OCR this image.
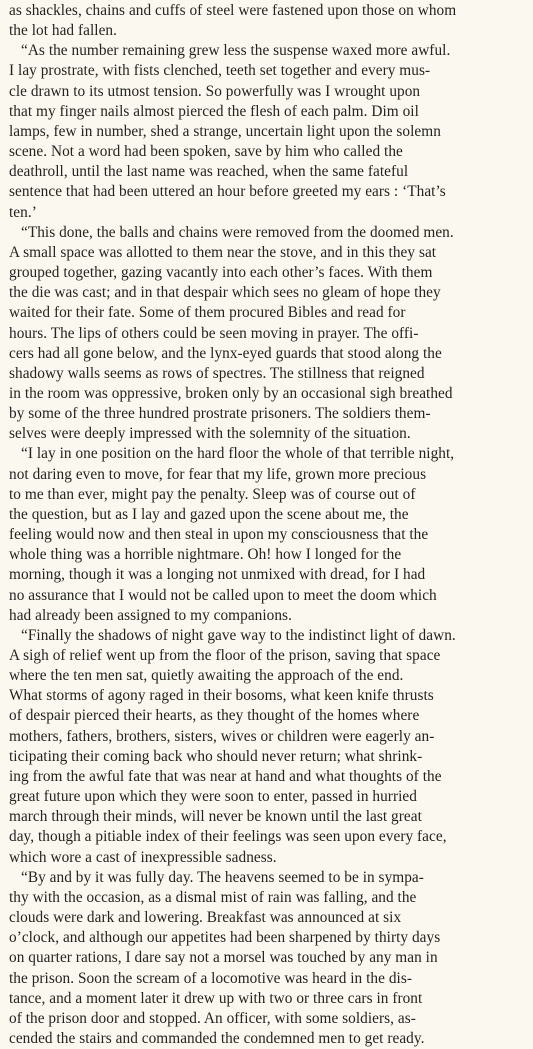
as shackles, chains and cuffs of steel were fastened upon those on whom
the lot had fallen.

“As the number remaining grew less the suspense waxed more awful.
I lay prostrate, with fists clenched, teeth set together and every mus-
cle drawn to its utmost tension. So powerfully was I wrought upon
that my finger nails almost pierced the flesh of each palm. Dim oil
lamps, few in number, shed a strange, uncertain light upon the solemn
scene. Not a word had been spoken, save by him who called the
deathroll, until the last name was reached, when the same fateful
sentence that had been uttered an hour before greeted my ears : ‘That’s
ten.’

“This done, the balls and chains were removed from the doomed men.
A small space was allotted to them near the stove, and in this they sat
grouped together, gazing vacantly into each other’s faces. With them
the die was cast; and in that despair which sees no gleam of hope they
waited for their fate. Some of them procured Bibles and read for
hours. The lips of others could be seen moving in prayer. The offi-
cers had all gone below, and the lynx-eyed guards that stood along the
shadowy walls seems as rows of spectres. The stillness that reigned
in the room was oppressive, broken only by an occasional sigh breathed
by some of the three hundred prostrate prisoners. The soldiers them-
selves were deeply impressed with the solemnity of the situation.

“I lay in one position on the hard floor the whole of that terrible night,
not daring even to move, for fear that my life, grown more precious
to me than ever, might pay the penalty. Sleep was of course out of
the question, but as I lay and gazed upon the scene about me, the
feeling would now and then steal in upon my consciousness that the
whole thing was a horrible nightmare. Oh! how I longed for the
morning, though it was a longing not unmixed with dread, for I had
no assurance that I would not be called upon to meet the doom which
had already been assigned to my companions.

“Finally the shadows of night gave way to the indistinct light of dawn.
A sigh of relief went up from the floor of the prison, saving that space
where the ten men sat, quietly awaiting the approach of the end.
What storms of agony raged in their bosoms, what keen knife thrusts
of despair pierced their hearts, as they thought of the homes where
mothers, fathers, brothers, sisters, wives or children were eagerly an-
ticipating their coming back who should never return; what shrink-
ing from the awful fate that was near at hand and what thoughts of the
great future upon which they were soon to enter, passed in hurried
march through their minds, will never be known until the last great
day, though a pitiable index of their feelings was seen upon every face,
which wore a cast of inexpressible sadness.

“By and by it was fully day. The heavens seemed to be in sympa-
thy with the occasion, as a dismal mist of rain was falling, and the
clouds were dark and lowering. Breakfast was announced at six
o’clock, and although our appetites had been sharpened by thirty days
on quarter rations, I dare say not a morsel was touched by any man in
the prison. Soon the scream of a locomotive was heard in the dis-
tance, and a moment later it drew up with two or three cars in front
of the prison door and stopped. An officer, with some soldiers, as-
cended the stairs and commanded the condemned men to get ready.
